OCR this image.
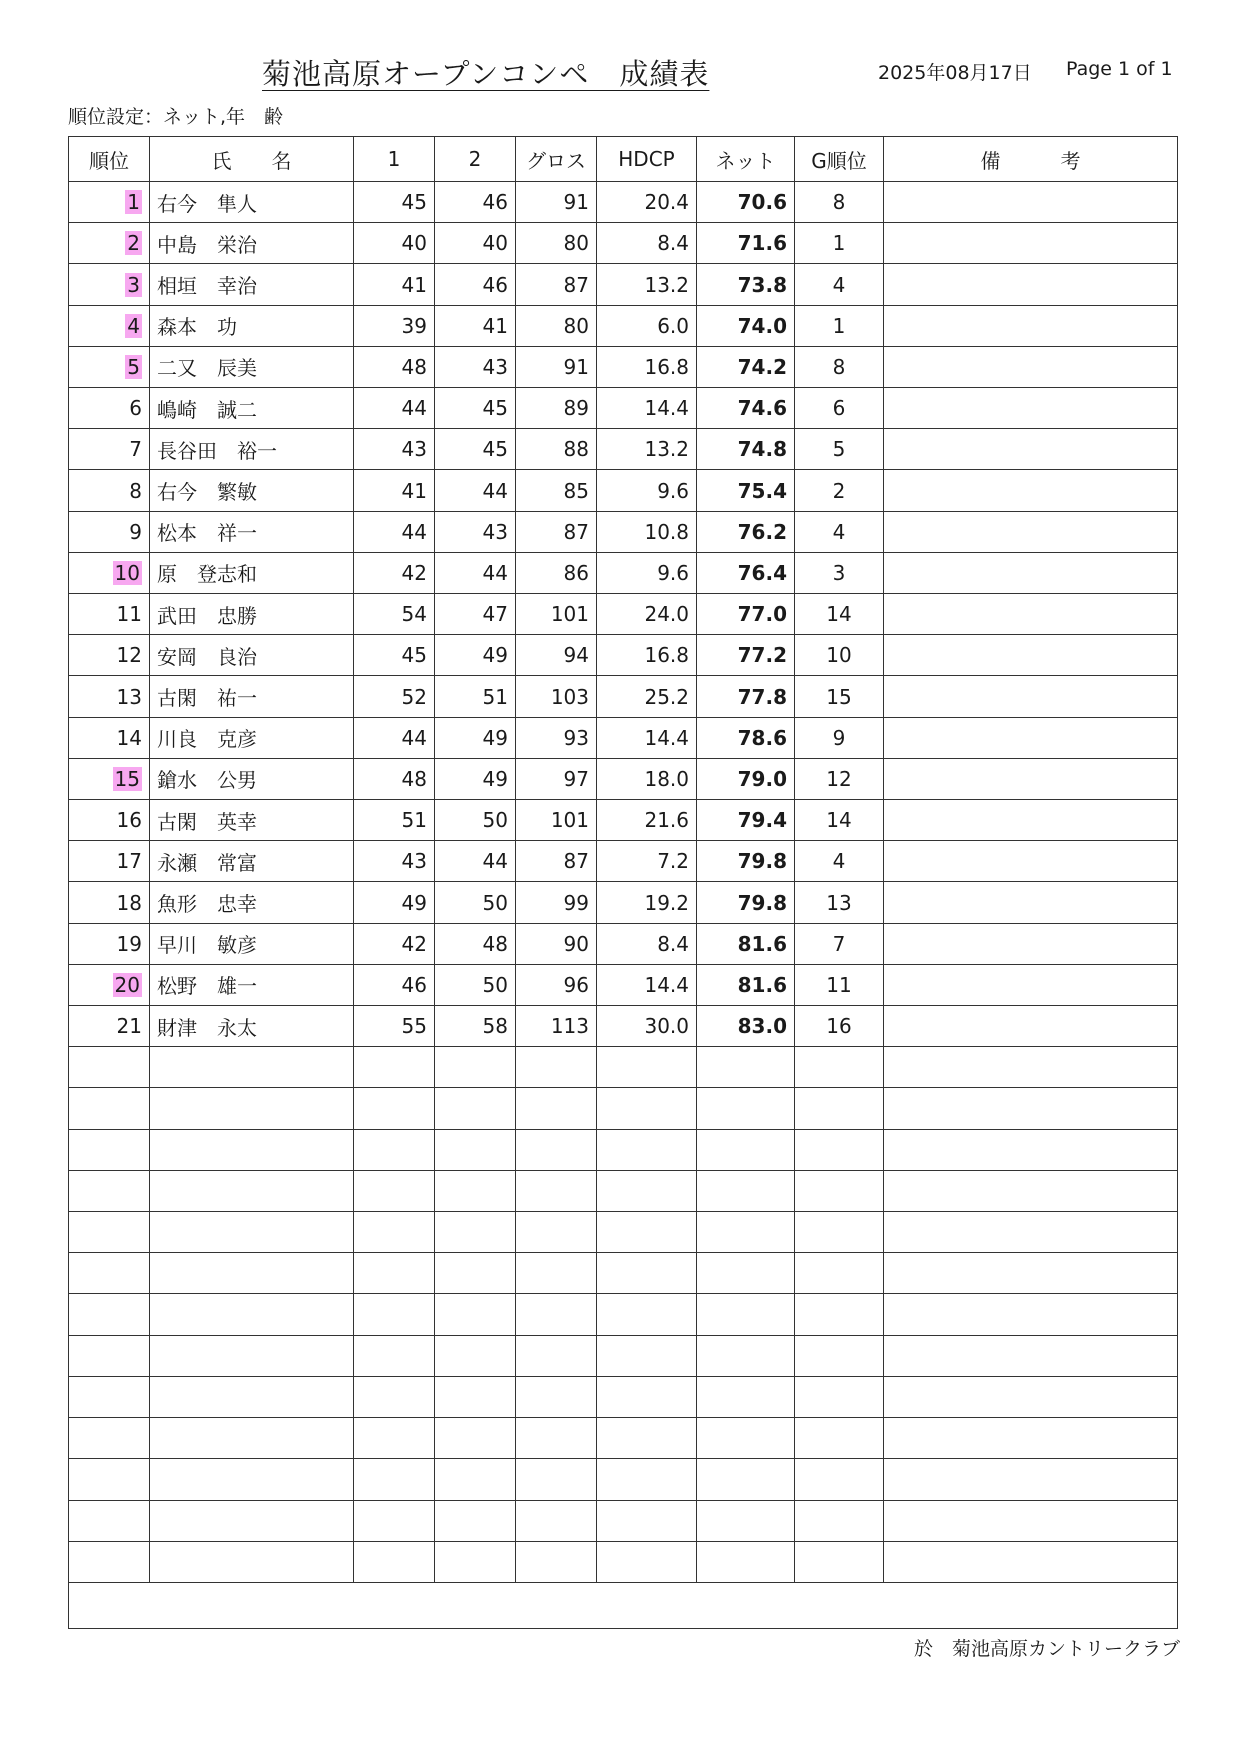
菊池高原オープンコンペ　成績表	2025年08月17日 Page 1 of 1
順位設定：ネット,年　齢
順位	氏　　名	1	2	グロス	HDCP	ネット	G順位	備　　　考
1	右今　隼人	45	46	91	20.4	70.6	8	
2	中島　栄治	40	40	80	8.4	71.6	1	
3	相垣　幸治	41	46	87	13.2	73.8	4	
4	森本　功	39	41	80	6.0	74.0	1	
5	二又　辰美	48	43	91	16.8	74.2	8	
6	嶋崎　誠二	44	45	89	14.4	74.6	6	
7	長谷田　裕一	43	45	88	13.2	74.8	5	
8	右今　繁敏	41	44	85	9.6	75.4	2	
9	松本　祥一	44	43	87	10.8	76.2	4	
10	原　登志和	42	44	86	9.6	76.4	3	
11	武田　忠勝	54	47	101	24.0	77.0	14	
12	安岡　良治	45	49	94	16.8	77.2	10	
13	古閑　祐一	52	51	103	25.2	77.8	15	
14	川良　克彦	44	49	93	14.4	78.6	9	
15	鎗水　公男	48	49	97	18.0	79.0	12	
16	古閑　英幸	51	50	101	21.6	79.4	14	
17	永瀬　常富	43	44	87	7.2	79.8	4	
18	魚形　忠幸	49	50	99	19.2	79.8	13	
19	早川　敏彦	42	48	90	8.4	81.6	7	
20	松野　雄一	46	50	96	14.4	81.6	11	
21	財津　永太	55	58	113	30.0	83.0	16	

於　菊池高原カントリークラブ
